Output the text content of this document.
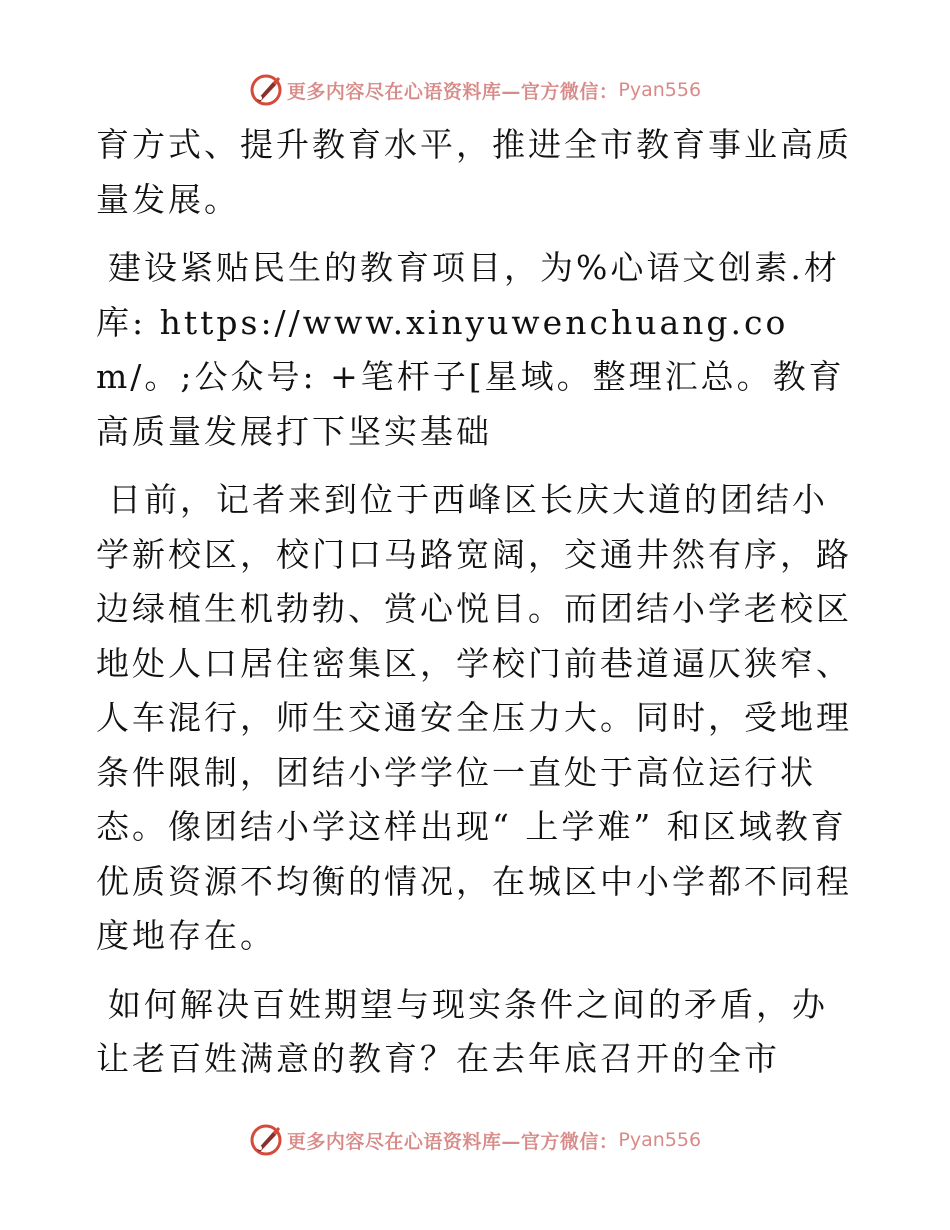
更多内容尽在心语资料库—官方微信： Pyan556

育方式、提升教育水平，推进全市教育事业高质量发展。

建设紧贴民生的教育项目，为%心语文创素.材库: https://www.xinyuwenchuang.com/。;公众号: +笔杆子[星域。整理汇总。教育高质量发展打下坚实基础

日前，记者来到位于西峰区长庆大道的团结小学新校区，校门口马路宽阔，交通井然有序，路边绿植生机勃勃、赏心悦目。而团结小学老校区地处人口居住密集区，学校门前巷道逼仄狭窄、人车混行，师生交通安全压力大。同时，受地理条件限制，团结小学学位一直处于高位运行状态。像团结小学这样出现“ 上学难” 和区域教育优质资源不均衡的情况，在城区中小学都不同程度地存在。

如何解决百姓期望与现实条件之间的矛盾，办让老百姓满意的教育？在去年底召开的全市

更多内容尽在心语资料库—官方微信： Pyan556
